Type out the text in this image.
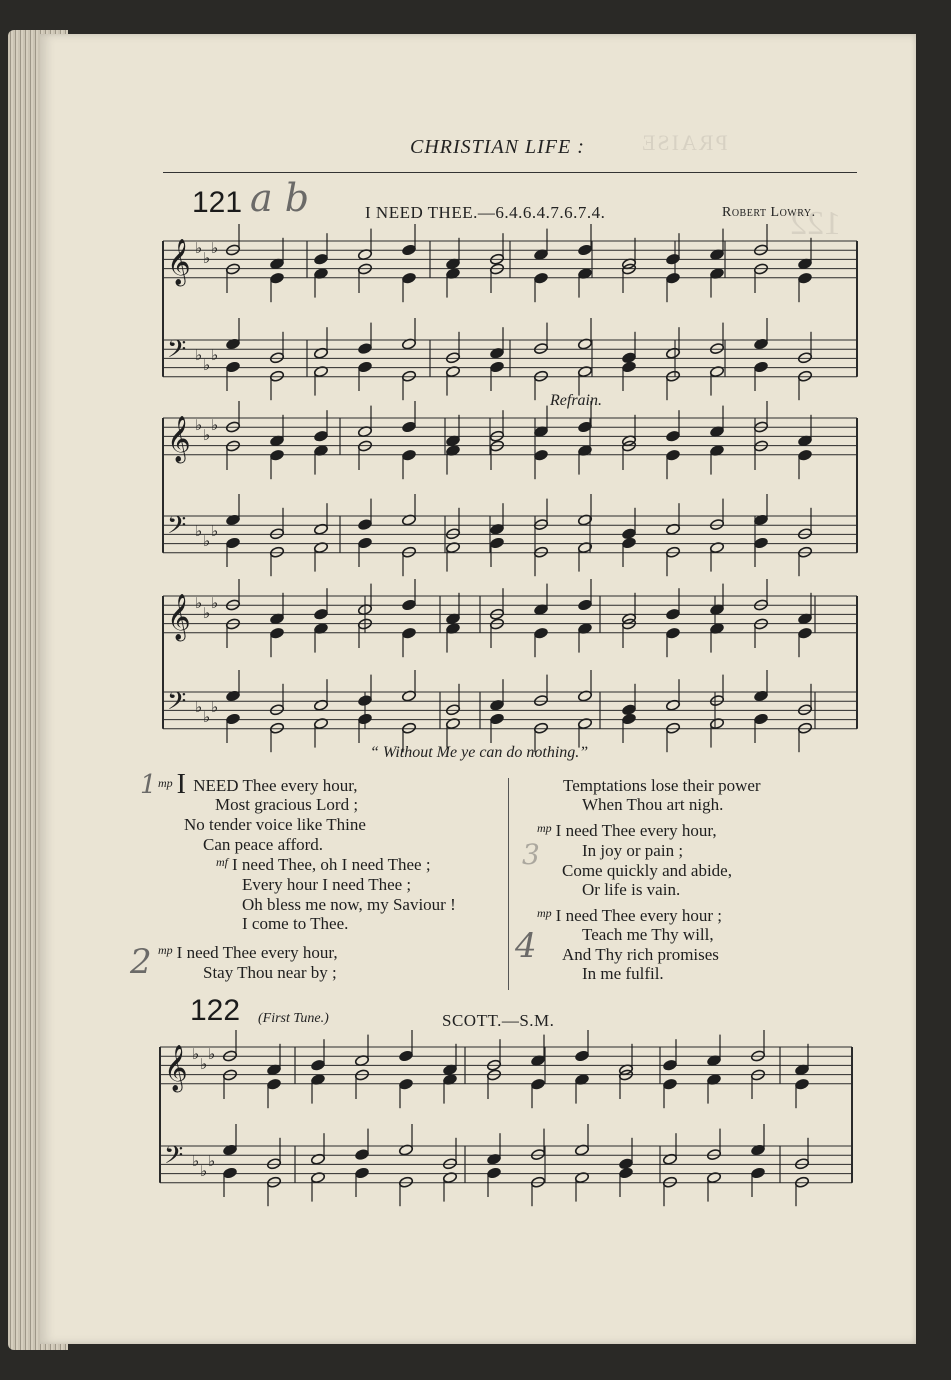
PRAISE
122
CHRISTIAN LIFE :
121 a b	I NEED THEE.—6.4.6.4.7.6.7.4.	Robert Lowry.
Refrain.
“ Without Me ye can do nothing.”
𝄞
𝄢
♭
♭
♭
♭
♭
♭
𝄞
𝄢
♭
♭
♭
♭
♭
♭
𝄞
𝄢
♭
♭
♭
♭
♭
♭
𝄞
𝄢
♭
♭
♭
♭
♭
♭
$^{mp}$ I NEED Thee every hour,
Most gracious Lord ;
No tender voice like Thine
Can peace afford.
$^{mf}$ I need Thee, oh I need Thee ;
Every hour I need Thee ;
Oh bless me now, my Saviour !
I come to Thee.
$^{mp}$ I need Thee every hour,
Stay Thou near by ;
Temptations lose their power
When Thou art nigh.
$^{mp}$ I need Thee every hour,
In joy or pain ;
Come quickly and abide,
Or life is vain.
$^{mp}$ I need Thee every hour ;
Teach me Thy will,
And Thy rich promises
In me fulfil.
1
2
3
4
122 (First Tune.)	SCOTT.—S.M.
